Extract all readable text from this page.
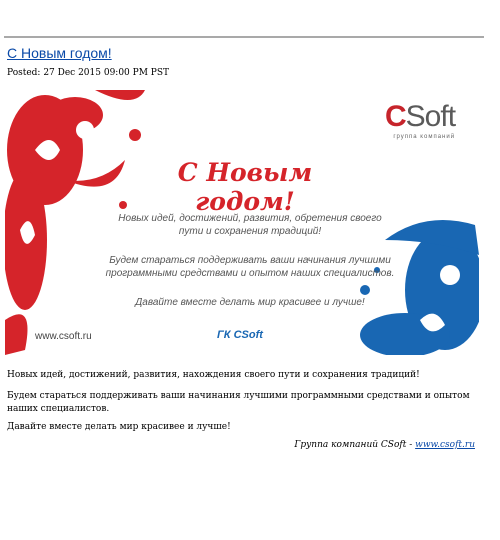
С Новым годом!
Posted: 27 Dec 2015 09:00 PM PST
CSoft
группа компаний
С Новым годом!
Новых идей, достижений, развития, обретения своего пути и сохранения традиций!
Будем стараться поддерживать ваши начинания лучшими программными средствами и опытом наших специалистов.
Давайте вместе делать мир красивее и лучше!
www.csoft.ru	ГК CSoft
Новых идей, достижений, развития, нахождения своего пути и сохранения традиций!
Будем стараться поддерживать ваши начинания лучшими программными средствами и опытом наших специалистов.
Давайте вместе делать мир красивее и лучше!
Группа компаний CSoft - www.csoft.ru
